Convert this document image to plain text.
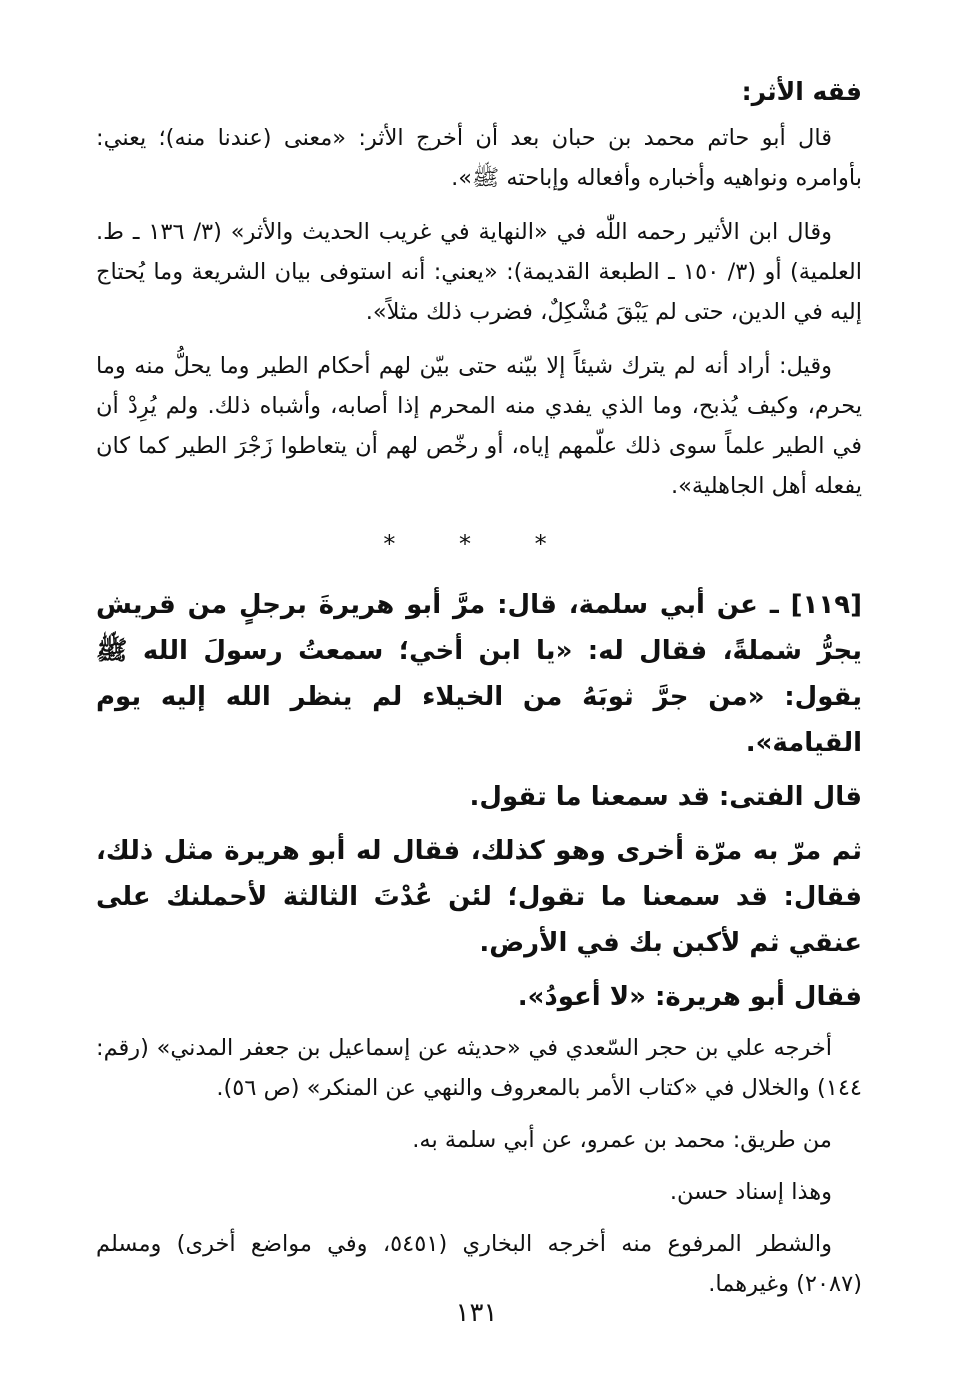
فقه الأثر:

قال أبو حاتم محمد بن حبان بعد أن أخرج الأثر: «معنى (عندنا منه)؛ يعني: بأوامره ونواهيه وأخباره وأفعاله وإباحته ﷺ».

وقال ابن الأثير رحمه اللّٰه في «النهاية في غريب الحديث والأثر» (٣/ ١٣٦ ـ ط. العلمية) أو (٣/ ١٥٠ ـ الطبعة القديمة): «يعني: أنه استوفى بيان الشريعة وما يُحتاج إليه في الدين، حتى لم يَبْقَ مُشْكِلٌ، فضرب ذلك مثلاً».

وقيل: أراد أنه لم يترك شيئاً إلا بيّنه حتى بيّن لهم أحكام الطير وما يحلُّ منه وما يحرم، وكيف يُذبح، وما الذي يفدي منه المحرم إذا أصابه، وأشباه ذلك. ولم يُرِدْ أن في الطير علماً سوى ذلك علّمهم إياه، أو رخّص لهم أن يتعاطوا زَجْرَ الطير كما كان يفعله أهل الجاهلية».

* * *

[١١٩] ـ عن أبي سلمة، قال: مرَّ أبو هريرةَ برجلٍ من قريش يجرُّ شملةً، فقال له: «يا ابن أخي؛ سمعتُ رسولَ الله ﷺ يقول: «من جرَّ ثوبَهُ من الخيلاء لم ينظر الله إليه يوم القيامة».

قال الفتى: قد سمعنا ما تقول.

ثم مرّ به مرّة أخرى وهو كذلك، فقال له أبو هريرة مثل ذلك، فقال: قد سمعنا ما تقول؛ لئن عُدْتَ الثالثة لأحملنك على عنقي ثم لأكبن بك في الأرض.

فقال أبو هريرة: «لا أعودُ».

أخرجه علي بن حجر السّعدي في «حديثه عن إسماعيل بن جعفر المدني» (رقم: ١٤٤) والخلال في «كتاب الأمر بالمعروف والنهي عن المنكر» (ص ٥٦).

من طريق: محمد بن عمرو، عن أبي سلمة به.

وهذا إسناد حسن.

والشطر المرفوع منه أخرجه البخاري (٥٤٥١، وفي مواضع أخرى) ومسلم (٢٠٨٧) وغيرهما.

١٣١
